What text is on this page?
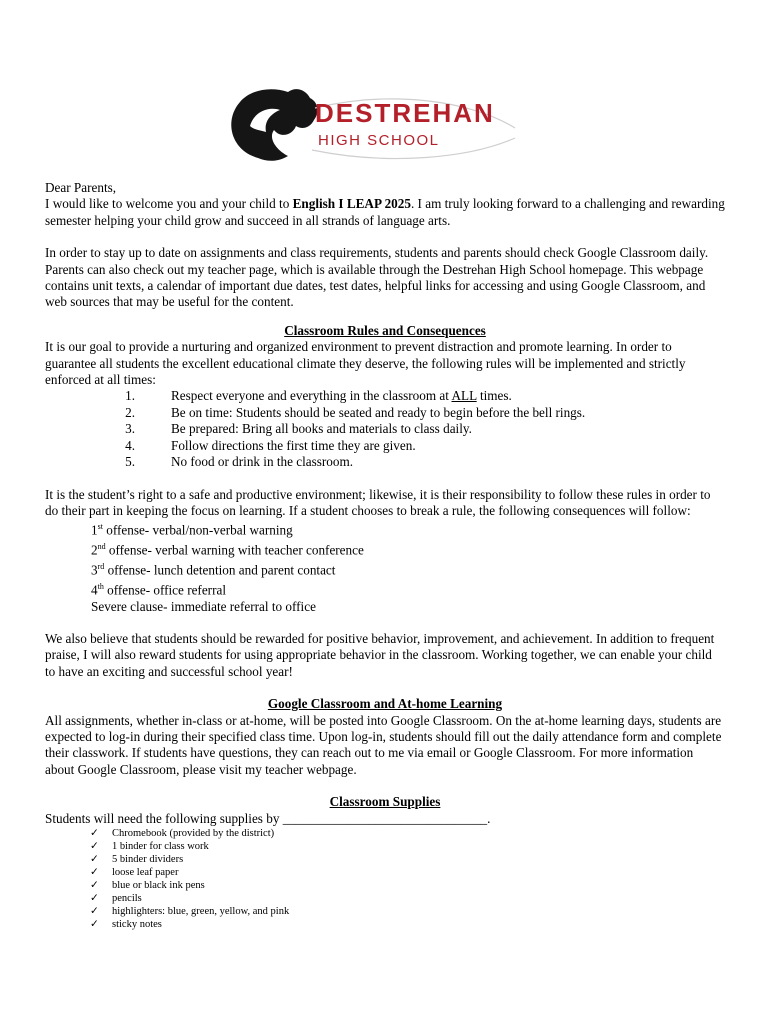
DESTREHAN
HIGH SCHOOL

Dear Parents,

I would like to welcome you and your child to English I LEAP 2025. I am truly looking forward to a challenging and rewarding semester helping your child grow and succeed in all strands of language arts.

In order to stay up to date on assignments and class requirements, students and parents should check Google Classroom daily. Parents can also check out my teacher page, which is available through the Destrehan High School homepage. This webpage contains unit texts, a calendar of important due dates, test dates, helpful links for accessing and using Google Classroom, and web sources that may be useful for the content.

Classroom Rules and Consequences

It is our goal to provide a nurturing and organized environment to prevent distraction and promote learning. In order to guarantee all students the excellent educational climate they deserve, the following rules will be implemented and strictly enforced at all times:

1.	Respect everyone and everything in the classroom at ALL times.
2.	Be on time: Students should be seated and ready to begin before the bell rings.
3.	Be prepared: Bring all books and materials to class daily.
4.	Follow directions the first time they are given.
5.	No food or drink in the classroom.

It is the student’s right to a safe and productive environment; likewise, it is their responsibility to follow these rules in order to do their part in keeping the focus on learning. If a student chooses to break a rule, the following consequences will follow:

1st offense- verbal/non-verbal warning

2nd offense- verbal warning with teacher conference

3rd offense- lunch detention and parent contact

4th offense- office referral

Severe clause- immediate referral to office

We also believe that students should be rewarded for positive behavior, improvement, and achievement. In addition to frequent praise, I will also reward students for using appropriate behavior in the classroom. Working together, we can enable your child to have an exciting and successful school year!

Google Classroom and At-home Learning

All assignments, whether in-class or at-home, will be posted into Google Classroom. On the at-home learning days, students are expected to log-in during their specified class time. Upon log-in, students should fill out the daily attendance form and complete their classwork. If students have questions, they can reach out to me via email or Google Classroom. For more information about Google Classroom, please visit my teacher webpage.

Classroom Supplies

Students will need the following supplies by _______________________________.

✓	Chromebook (provided by the district)
✓	1 binder for class work
✓	5 binder dividers
✓	loose leaf paper
✓	blue or black ink pens
✓	pencils
✓	highlighters: blue, green, yellow, and pink
✓	sticky notes
